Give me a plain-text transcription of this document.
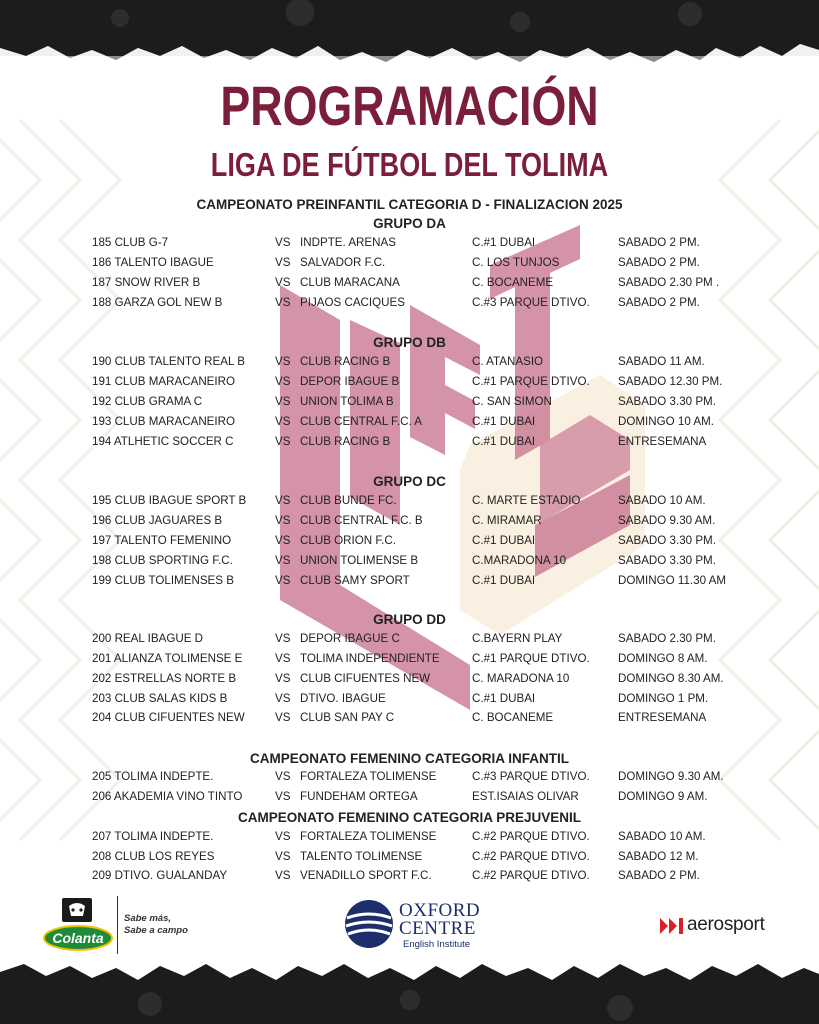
PROGRAMACIÓN
LIGA DE FÚTBOL DEL TOLIMA
CAMPEONATO PREINFANTIL CATEGORIA D - FINALIZACION 2025
GRUPO DA
185 CLUB G-7	VS INDPTE. ARENAS	C.#1 DUBAI	SABADO 2 PM.
186 TALENTO IBAGUE	VS SALVADOR F.C.	C. LOS TUNJOS	SABADO 2 PM.
187 SNOW RIVER B	VS CLUB MARACANA	C. BOCANEME	SABADO 2.30 PM .
188 GARZA GOL NEW B	VS PIJAOS CACIQUES	C.#3 PARQUE DTIVO. SABADO 2 PM.
GRUPO DB
190 CLUB TALENTO REAL B	VS CLUB RACING B	C. ATANASIO	SABADO 11 AM.
191 CLUB MARACANEIRO	VS DEPOR IBAGUE B	C.#1 PARQUE DTIVO. SABADO 12.30 PM.
192 CLUB GRAMA C	VS UNION TOLIMA B	C. SAN SIMON	SABADO 3.30 PM.
193 CLUB MARACANEIRO	VS CLUB CENTRAL F.C. A	C.#1 DUBAI	DOMINGO 10 AM.
194 ATLHETIC SOCCER C	VS CLUB RACING B	C.#1 DUBAI	ENTRESEMANA
GRUPO DC
195 CLUB IBAGUE SPORT B VS CLUB BUNDE FC.	C. MARTE ESTADIO	SABADO 10 AM.
196 CLUB JAGUARES B	VS CLUB CENTRAL F.C. B	C. MIRAMAR	SABADO 9.30 AM.
197 TALENTO FEMENINO	VS CLUB ORION F.C.	C.#1 DUBAI	SABADO 3.30 PM.
198 CLUB SPORTING F.C.	VS UNION TOLIMENSE B	C.MARADONA 10	SABADO 3.30 PM.
199 CLUB TOLIMENSES B	VS CLUB SAMY SPORT	C.#1 DUBAI	DOMINGO 11.30 AM
GRUPO DD
200 REAL IBAGUE D	VS DEPOR IBAGUE C	C.BAYERN PLAY	SABADO 2.30 PM.
201 ALIANZA TOLIMENSE E	VS TOLIMA INDEPENDIENTE	C.#1 PARQUE DTIVO. DOMINGO 8 AM.
202 ESTRELLAS NORTE B	VS CLUB CIFUENTES NEW	C. MARADONA 10	DOMINGO 8.30 AM.
203 CLUB SALAS KIDS B	VS DTIVO. IBAGUE	C.#1 DUBAI	DOMINGO 1 PM.
204 CLUB CIFUENTES NEW	VS CLUB SAN PAY C	C. BOCANEME	ENTRESEMANA
CAMPEONATO FEMENINO CATEGORIA INFANTIL
205 TOLIMA INDEPTE.	VS FORTALEZA TOLIMENSE	C.#3 PARQUE DTIVO. DOMINGO 9.30 AM.
206 AKADEMIA VINO TINTO	VS FUNDEHAM ORTEGA	EST.ISAIAS OLIVAR	DOMINGO 9 AM.
CAMPEONATO FEMENINO CATEGORIA PREJUVENIL
207 TOLIMA INDEPTE.	VS FORTALEZA TOLIMENSE	C.#2 PARQUE DTIVO. SABADO 10 AM.
208 CLUB LOS REYES	VS TALENTO TOLIMENSE	C.#2 PARQUE DTIVO. SABADO 12 M.
209 DTIVO. GUALANDAY	VS VENADILLO SPORT F.C.	C.#2 PARQUE DTIVO. SABADO 2 PM.
Colanta
Sabe más,
Sabe a campo
OXFORD
CENTRE
English Institute
aerosport
